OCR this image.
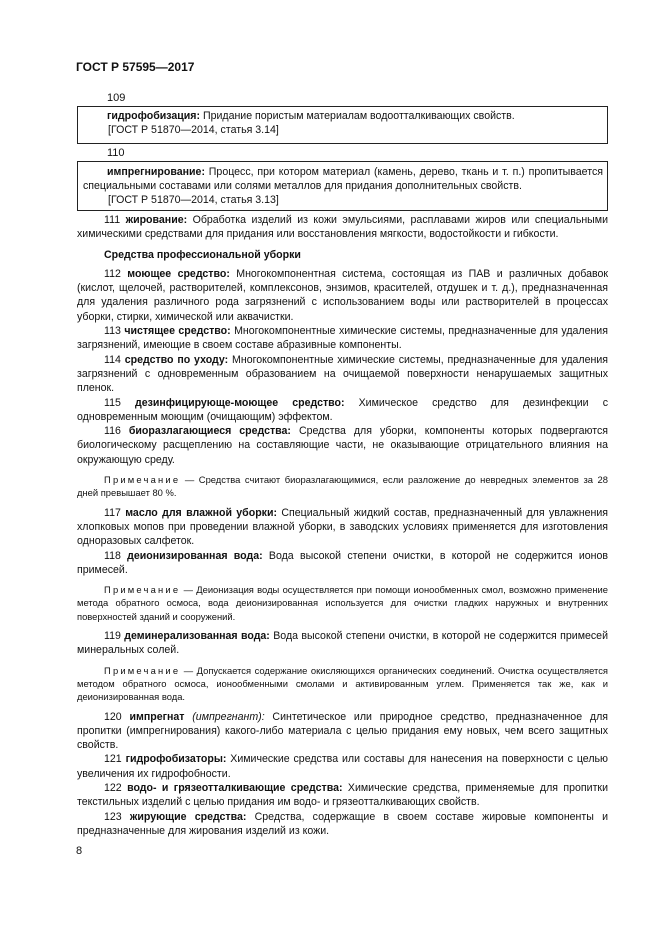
ГОСТ Р 57595—2017
109
гидрофобизация: Придание пористым материалам водоотталкивающих свойств.
[ГОСТ Р 51870—2014, статья 3.14]
110
импрегнирование: Процесс, при котором материал (камень, дерево, ткань и т. п.) пропитывается специальными составами или солями металлов для придания дополнительных свойств.
[ГОСТ Р 51870—2014, статья 3.13]

111 жирование: Обработка изделий из кожи эмульсиями, расплавами жиров или специальными химическими средствами для придания или восстановления мягкости, водостойкости и гибкости.

Средства профессиональной уборки

112 моющее средство: Многокомпонентная система, состоящая из ПАВ и различных добавок (кислот, щелочей, растворителей, комплексонов, энзимов, красителей, отдушек и т. д.), предназначенная для удаления различного рода загрязнений с использованием воды или растворителей в процессах уборки, стирки, химической или аквачистки.

113 чистящее средство: Многокомпонентные химические системы, предназначенные для удаления загрязнений, имеющие в своем составе абразивные компоненты.

114 средство по уходу: Многокомпонентные химические системы, предназначенные для удаления загрязнений с одновременным образованием на очищаемой поверхности ненарушаемых защитных пленок.

115 дезинфицирующе-моющее средство: Химическое средство для дезинфекции с одновременным моющим (очищающим) эффектом.

116 биоразлагающиеся средства: Средства для уборки, компоненты которых подвергаются биологическому расщеплению на составляющие части, не оказывающие отрицательного влияния на окружающую среду.

Примечание — Средства считают биоразлагающимися, если разложение до невредных элементов за 28 дней превышает 80 %.

117 масло для влажной уборки: Специальный жидкий состав, предназначенный для увлажнения хлопковых мопов при проведении влажной уборки, в заводских условиях применяется для изготовления одноразовых салфеток.

118 деионизированная вода: Вода высокой степени очистки, в которой не содержится ионов примесей.

Примечание — Деионизация воды осуществляется при помощи ионообменных смол, возможно применение метода обратного осмоса, вода деионизированная используется для очистки гладких наружных и внутренних поверхностей зданий и сооружений.

119 деминерализованная вода: Вода высокой степени очистки, в которой не содержится примесей минеральных солей.

Примечание — Допускается содержание окисляющихся органических соединений. Очистка осуществляется методом обратного осмоса, ионообменными смолами и активированным углем. Применяется так же, как и деионизированная вода.

120 импрегнат (импрегнант): Синтетическое или природное средство, предназначенное для пропитки (импрегнирования) какого-либо материала с целью придания ему новых, чем всего защитных свойств.

121 гидрофобизаторы: Химические средства или составы для нанесения на поверхности с целью увеличения их гидрофобности.

122 водо- и грязеотталкивающие средства: Химические средства, применяемые для пропитки текстильных изделий с целью придания им водо- и грязеотталкивающих свойств.

123 жирующие средства: Средства, содержащие в своем составе жировые компоненты и предназначенные для жирования изделий из кожи.

8
